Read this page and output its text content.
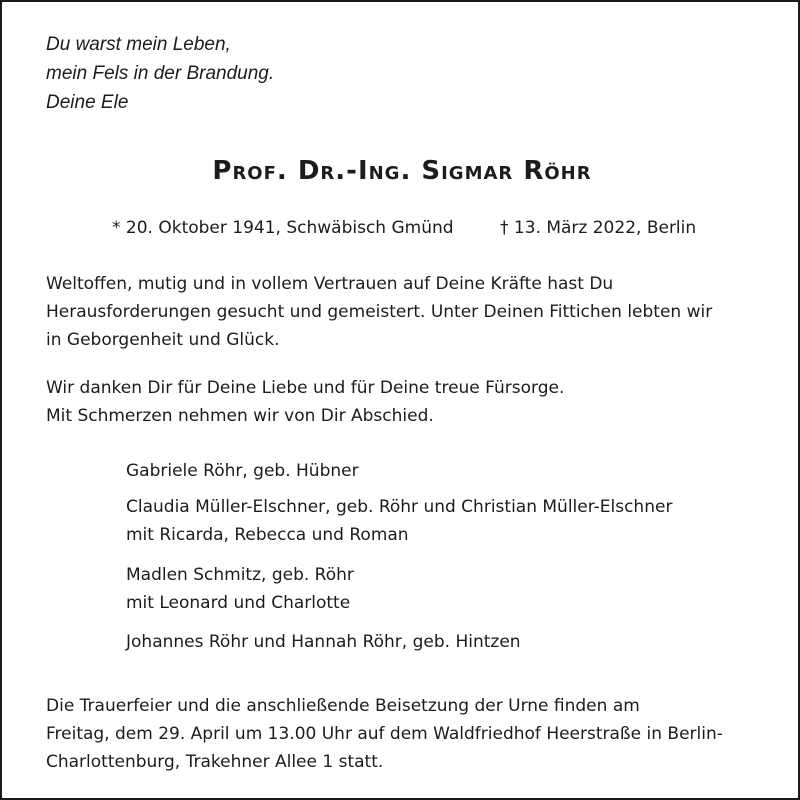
Du warst mein Leben,
mein Fels in der Brandung.
Deine Ele
Prof. Dr.-Ing. Sigmar Röhr
* 20. Oktober 1941, Schwäbisch Gmünd	† 13. März 2022, Berlin
Weltoffen, mutig und in vollem Vertrauen auf Deine Kräfte hast Du
Herausforderungen gesucht und gemeistert. Unter Deinen Fittichen lebten wir
in Geborgenheit und Glück.
Wir danken Dir für Deine Liebe und für Deine treue Fürsorge.
Mit Schmerzen nehmen wir von Dir Abschied.
Gabriele Röhr, geb. Hübner
Claudia Müller-Elschner, geb. Röhr und Christian Müller-Elschner
mit Ricarda, Rebecca und Roman
Madlen Schmitz, geb. Röhr
mit Leonard und Charlotte
Johannes Röhr und Hannah Röhr, geb. Hintzen
Die Trauerfeier und die anschließende Beisetzung der Urne finden am
Freitag, dem 29. April um 13.00 Uhr auf dem Waldfriedhof Heerstraße in Berlin-
Charlottenburg, Trakehner Allee 1 statt.
